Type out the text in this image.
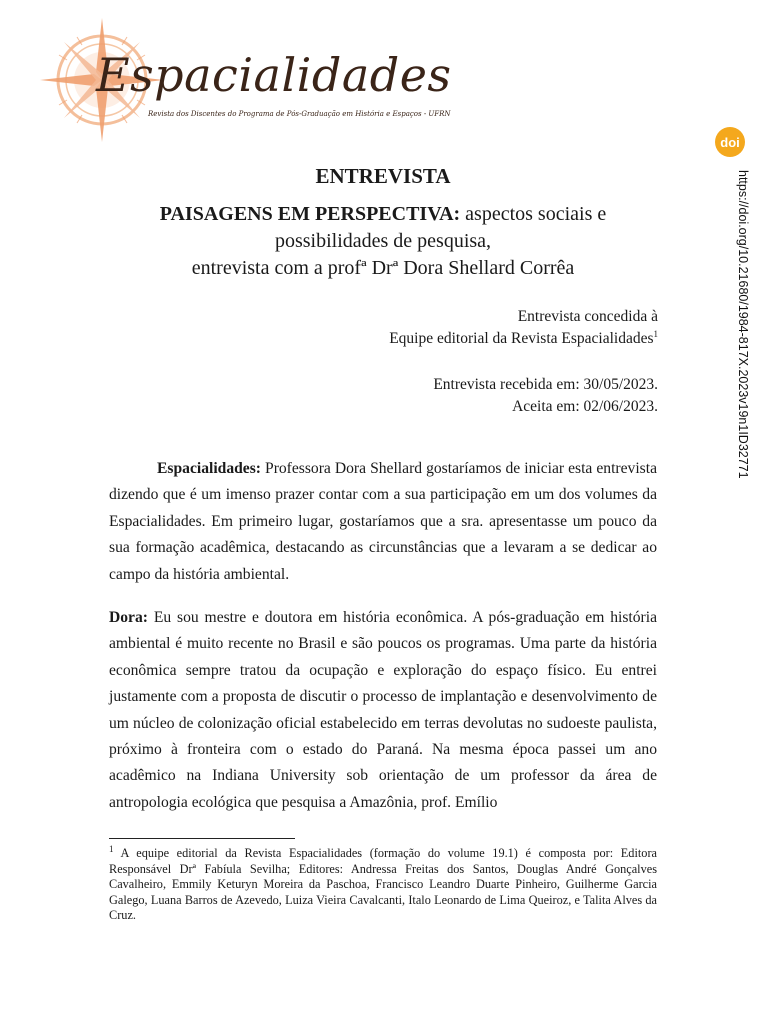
Espacialidades

Revista dos Discentes do Programa de Pós-Graduação em História e Espaços - UFRN

doi
https://doi.org/10.21680/1984-817X.2023v19n1ID32771
ENTREVISTA
PAISAGENS EM PERSPECTIVA: aspectos sociais e
possibilidades de pesquisa,
entrevista com a profª Drª Dora Shellard Corrêa
Entrevista concedida à
Equipe editorial da Revista Espacialidades$^1$
Entrevista recebida em: 30/05/2023.
Aceita em: 02/06/2023.

Espacialidades: Professora Dora Shellard gostaríamos de iniciar esta entrevista dizendo que é um imenso prazer contar com a sua participação em um dos volumes da Espacialidades. Em primeiro lugar, gostaríamos que a sra. apresentasse um pouco da sua formação acadêmica, destacando as circunstâncias que a levaram a se dedicar ao campo da história ambiental.

Dora: Eu sou mestre e doutora em história econômica. A pós-graduação em história ambiental é muito recente no Brasil e são poucos os programas. Uma parte da história econômica sempre tratou da ocupação e exploração do espaço físico. Eu entrei justamente com a proposta de discutir o processo de implantação e desenvolvimento de um núcleo de colonização oficial estabelecido em terras devolutas no sudoeste paulista, próximo à fronteira com o estado do Paraná. Na mesma época passei um ano acadêmico na Indiana University sob orientação de um professor da área de antropologia ecológica que pesquisa a Amazônia, prof. Emílio

$^1$ A equipe editorial da Revista Espacialidades (formação do volume 19.1) é composta por: Editora Responsável Drª Fabíula Sevilha; Editores: Andressa Freitas dos Santos, Douglas André Gonçalves Cavalheiro, Emmily Keturyn Moreira da Paschoa, Francisco Leandro Duarte Pinheiro, Guilherme Garcia Galego, Luana Barros de Azevedo, Luiza Vieira Cavalcanti, Italo Leonardo de Lima Queiroz, e Talita Alves da Cruz.
